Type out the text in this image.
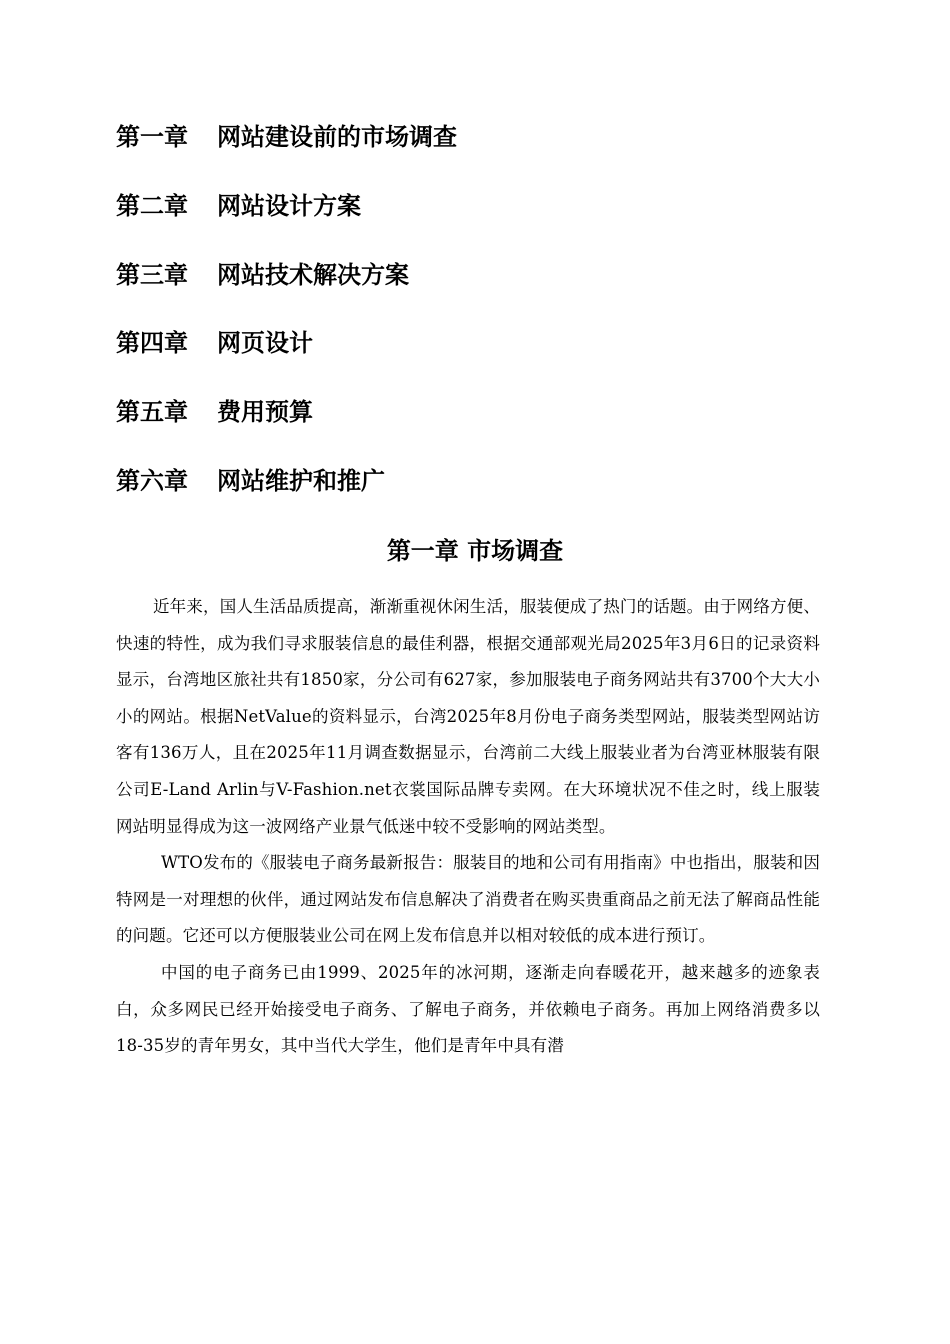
第一章	网站建设前的市场调查
第二章	网站设计方案
第三章	网站技术解决方案
第四章	网页设计
第五章	费用预算
第六章	网站维护和推广
第一章 市场调查

近年来，国人生活品质提高，渐渐重视休闲生活，服装便成了热门的话题。由于网络方便、快速的特性，成为我们寻求服装信息的最佳利器，根据交通部观光局2025年3月6日的记录资料显示，台湾地区旅社共有1850家，分公司有627家，参加服装电子商务网站共有3700个大大小小的网站。根据NetValue的资料显示，台湾2025年8月份电子商务类型网站，服装类型网站访客有136万人，且在2025年11月调查数据显示，台湾前二大线上服装业者为台湾亚林服装有限公司E-Land Arlin与V-Fashion.net衣裳国际品牌专卖网。在大环境状况不佳之时，线上服装网站明显得成为这一波网络产业景气低迷中较不受影响的网站类型。

WTO发布的《服装电子商务最新报告：服装目的地和公司有用指南》中也指出，服装和因特网是一对理想的伙伴，通过网站发布信息解决了消费者在购买贵重商品之前无法了解商品性能的问题。它还可以方便服装业公司在网上发布信息并以相对较低的成本进行预订。

中国的电子商务已由1999、2025年的冰河期，逐渐走向春暖花开，越来越多的迹象表白，众多网民已经开始接受电子商务、了解电子商务，并依赖电子商务。再加上网络消费多以18-35岁的青年男女，其中当代大学生，他们是青年中具有潜
